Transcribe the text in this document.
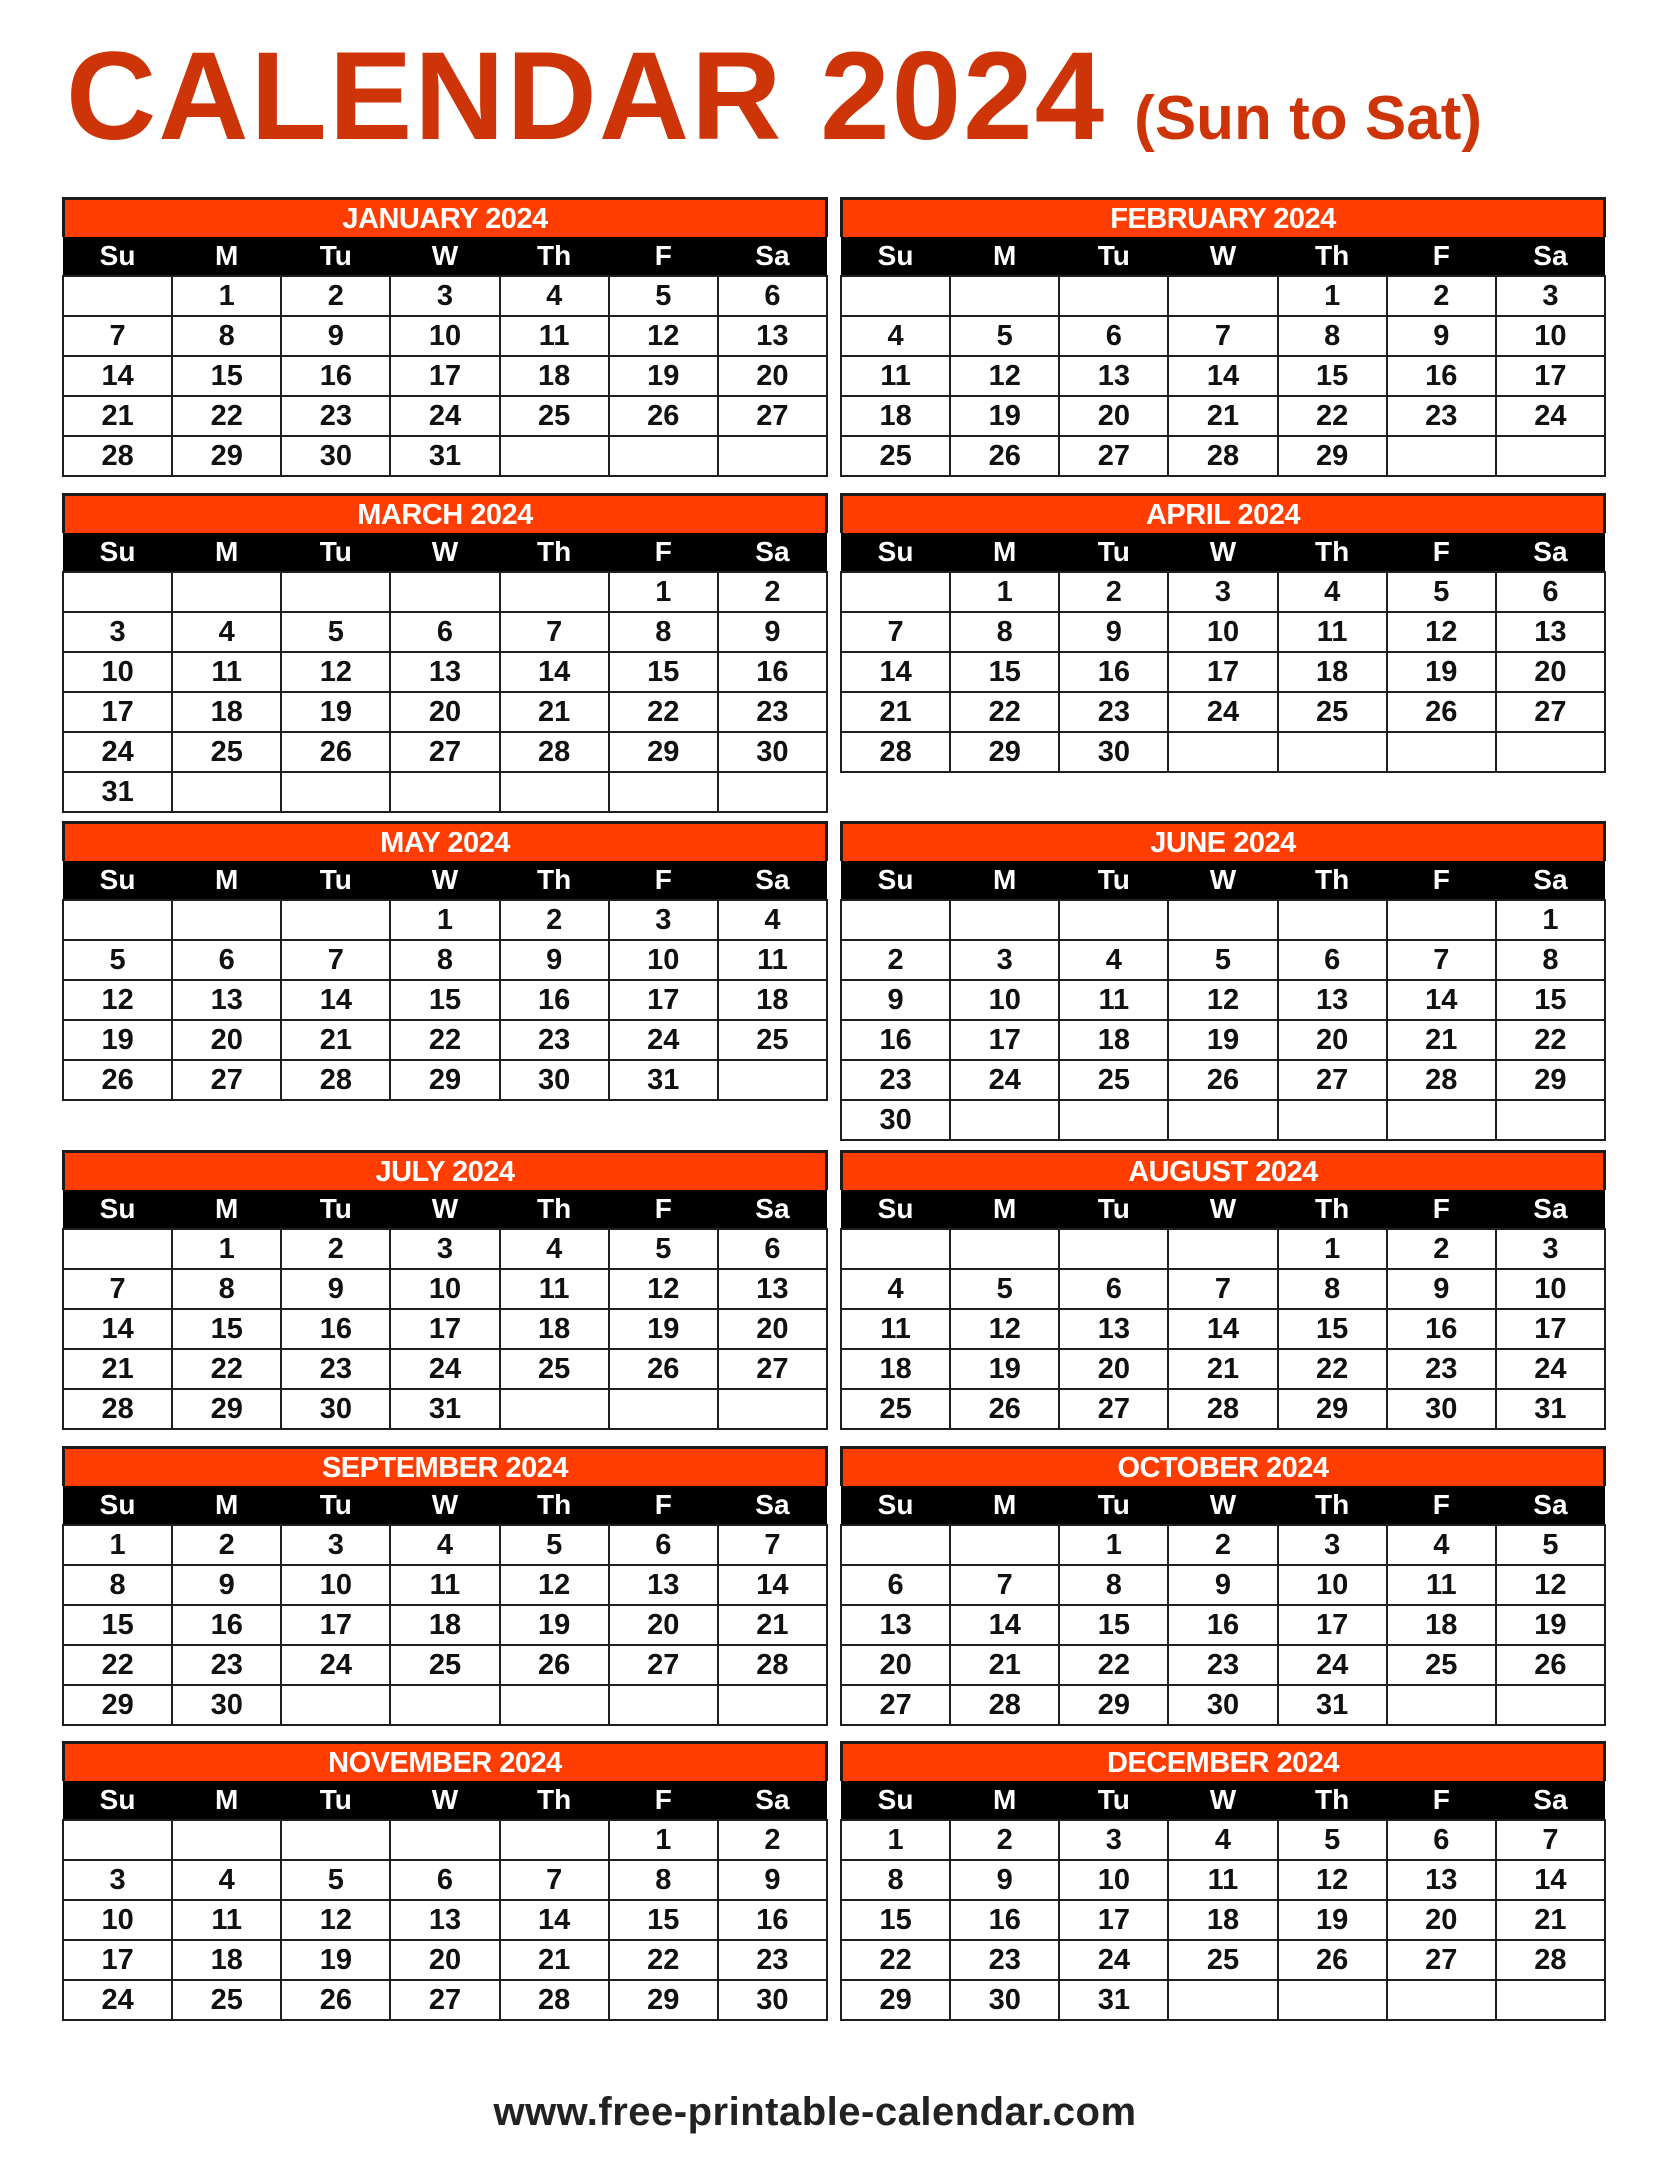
CALENDAR 2024 (Sun to Sat)
JANUARY 2024
Su	M	Tu	W	Th	F	Sa
	1	2	3	4	5	6
7	8	9	10	11	12	13
14	15	16	17	18	19	20
21	22	23	24	25	26	27
28	29	30	31			
FEBRUARY 2024
Su	M	Tu	W	Th	F	Sa
				1	2	3
4	5	6	7	8	9	10
11	12	13	14	15	16	17
18	19	20	21	22	23	24
25	26	27	28	29		
MARCH 2024
Su	M	Tu	W	Th	F	Sa
					1	2
3	4	5	6	7	8	9
10	11	12	13	14	15	16
17	18	19	20	21	22	23
24	25	26	27	28	29	30
31						
APRIL 2024
Su	M	Tu	W	Th	F	Sa
	1	2	3	4	5	6
7	8	9	10	11	12	13
14	15	16	17	18	19	20
21	22	23	24	25	26	27
28	29	30				
MAY 2024
Su	M	Tu	W	Th	F	Sa
			1	2	3	4
5	6	7	8	9	10	11
12	13	14	15	16	17	18
19	20	21	22	23	24	25
26	27	28	29	30	31	
JUNE 2024
Su	M	Tu	W	Th	F	Sa
						1
2	3	4	5	6	7	8
9	10	11	12	13	14	15
16	17	18	19	20	21	22
23	24	25	26	27	28	29
30						
JULY 2024
Su	M	Tu	W	Th	F	Sa
	1	2	3	4	5	6
7	8	9	10	11	12	13
14	15	16	17	18	19	20
21	22	23	24	25	26	27
28	29	30	31			
AUGUST 2024
Su	M	Tu	W	Th	F	Sa
				1	2	3
4	5	6	7	8	9	10
11	12	13	14	15	16	17
18	19	20	21	22	23	24
25	26	27	28	29	30	31
SEPTEMBER 2024
Su	M	Tu	W	Th	F	Sa
1	2	3	4	5	6	7
8	9	10	11	12	13	14
15	16	17	18	19	20	21
22	23	24	25	26	27	28
29	30					
OCTOBER 2024
Su	M	Tu	W	Th	F	Sa
		1	2	3	4	5
6	7	8	9	10	11	12
13	14	15	16	17	18	19
20	21	22	23	24	25	26
27	28	29	30	31		
NOVEMBER 2024
Su	M	Tu	W	Th	F	Sa
					1	2
3	4	5	6	7	8	9
10	11	12	13	14	15	16
17	18	19	20	21	22	23
24	25	26	27	28	29	30
DECEMBER 2024
Su	M	Tu	W	Th	F	Sa
1	2	3	4	5	6	7
8	9	10	11	12	13	14
15	16	17	18	19	20	21
22	23	24	25	26	27	28
29	30	31				
www.free-printable-calendar.com
